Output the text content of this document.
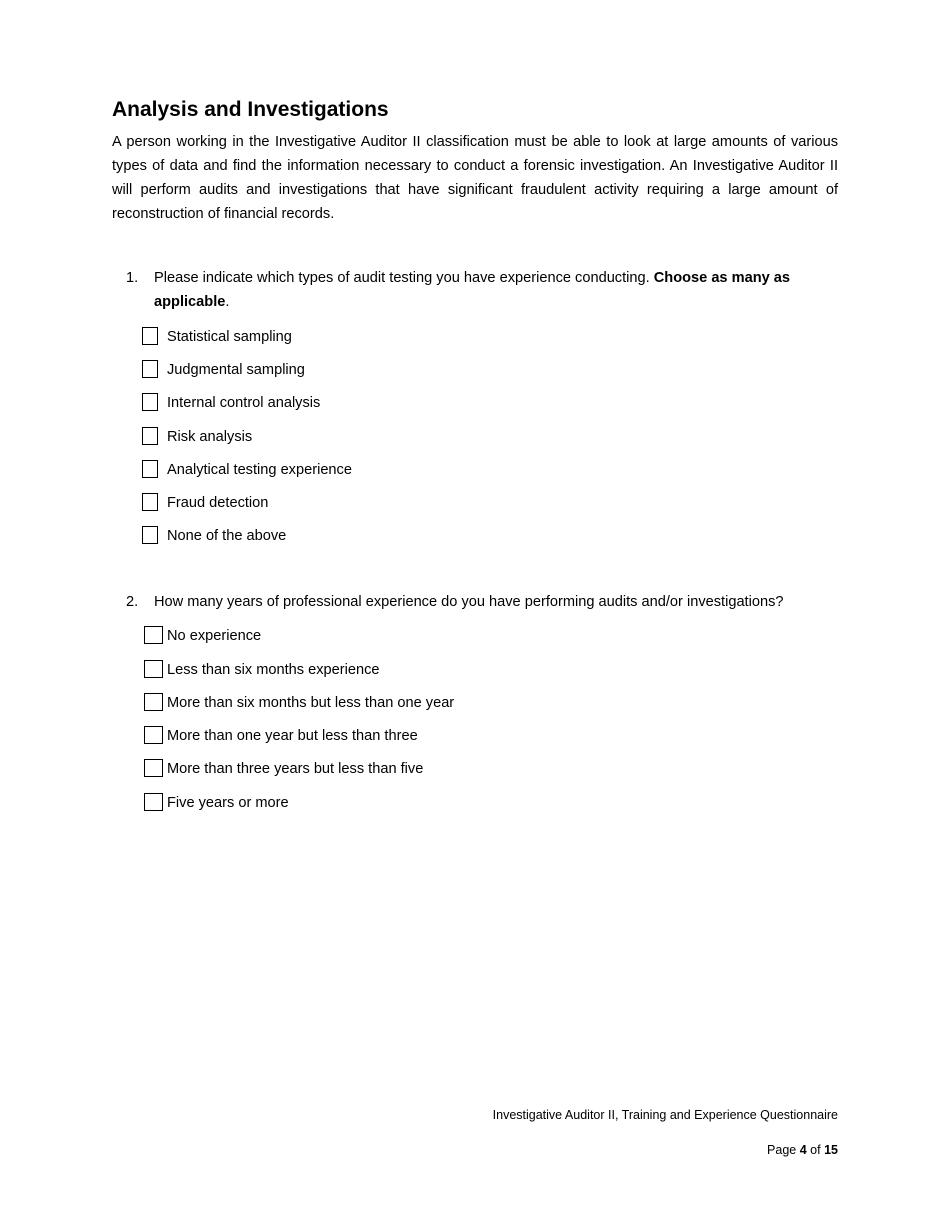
Analysis and Investigations

A person working in the Investigative Auditor II classification must be able to look at large amounts of various types of data and find the information necessary to conduct a forensic investigation. An Investigative Auditor II will perform audits and investigations that have significant fraudulent activity requiring a large amount of reconstruction of financial records.

1. Please indicate which types of audit testing you have experience conducting. Choose as many as applicable.
Statistical sampling
Judgmental sampling
Internal control analysis
Risk analysis
Analytical testing experience
Fraud detection
None of the above
2. How many years of professional experience do you have performing audits and/or investigations?
No experience
Less than six months experience
More than six months but less than one year
More than one year but less than three
More than three years but less than five
Five years or more
Investigative Auditor II, Training and Experience Questionnaire
Page 4 of 15
